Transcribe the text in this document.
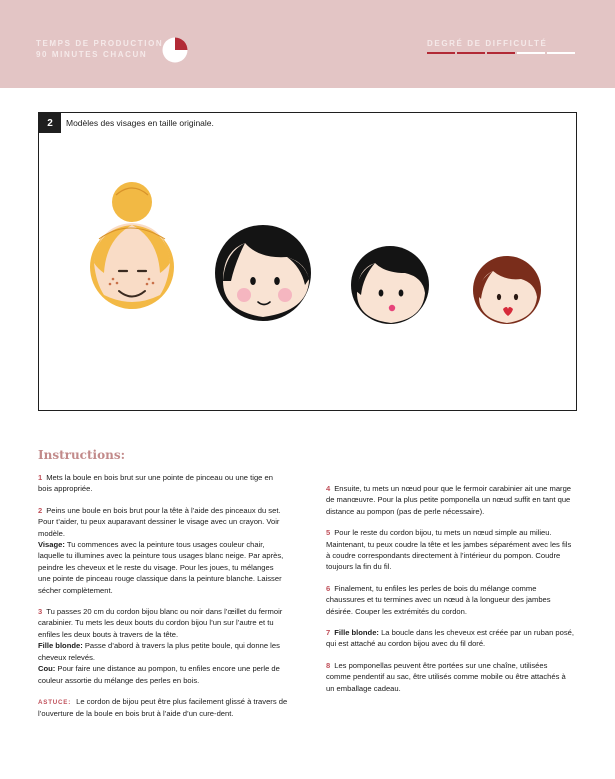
TEMPS DE PRODUCTION
90 MINUTES CHACUN
DEGRÉ DE DIFFICULTÉ
2	Modèles des visages en taille originale.
Instructions:

1 Mets la boule en bois brut sur une pointe de pinceau ou une tige en bois appropriée.

2 Peins une boule en bois brut pour la tête à l’aide des pinceaux du set. Pour t’aider, tu peux auparavant dessiner le visage avec un crayon. Voir modèle.

Visage: Tu commences avec la peinture tous usages couleur chair, laquelle tu illumines avec la peinture tous usages blanc neige. Par après, peindre les cheveux et le reste du visage. Pour les joues, tu mélanges une pointe de pinceau rouge classique dans la peinture blanche. Laisser sécher complètement.

3 Tu passes 20 cm du cordon bijou blanc ou noir dans l’œillet du fermoir carabinier. Tu mets les deux bouts du cordon bijou l’un sur l’autre et tu enfiles les deux bouts à travers de la tête.

Fille blonde: Passe d’abord à travers la plus petite boule, qui donne les cheveux relevés.

Cou: Pour faire une distance au pompon, tu enfiles encore une perle de couleur assortie du mélange des perles en bois.

ASTUCE: Le cordon de bijou peut être plus facilement glissé à travers de l’ouverture de la boule en bois brut à l’aide d’un cure-dent.

4 Ensuite, tu mets un nœud pour que le fermoir carabinier ait une marge de manœuvre. Pour la plus petite pomponella un nœud suffit en tant que distance au pompon (pas de perle nécessaire).

5 Pour le reste du cordon bijou, tu mets un nœud simple au milieu. Maintenant, tu peux coudre la tête et les jambes séparément avec les fils à coudre correspondants directement à l’intérieur du pompon. Coudre toujours la fin du fil.

6 Finalement, tu enfiles les perles de bois du mélange comme chaussures et tu termines avec un nœud à la longueur des jambes désirée. Couper les extrémités du cordon.

7 Fille blonde: La boucle dans les cheveux est créée par un ruban posé, qui est attaché au cordon bijou avec du fil doré.

8 Les pomponellas peuvent être portées sur une chaîne, utilisées comme pendentif au sac, être utilisés comme mobile ou être attachés à un emballage cadeau.
